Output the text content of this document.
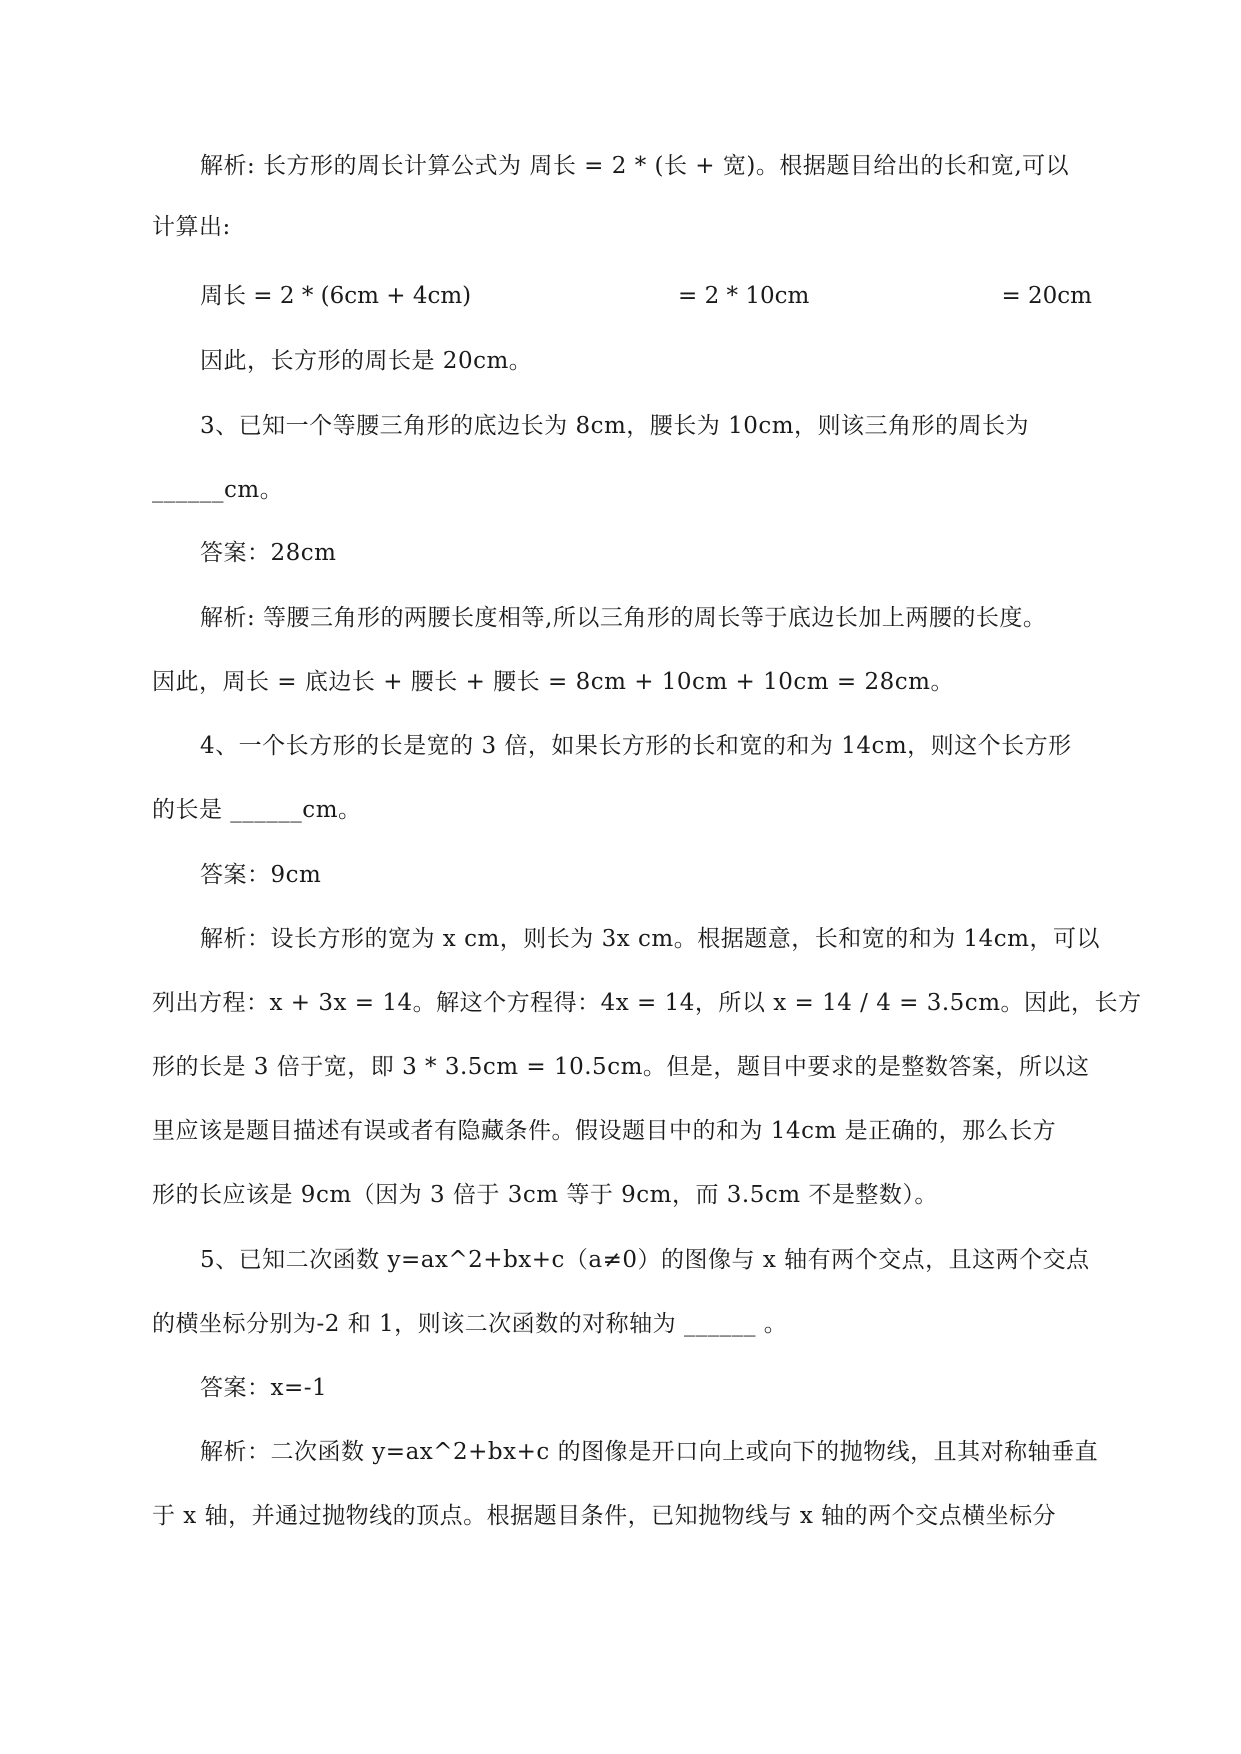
解析: 长方形的周长计算公式为 周长 = 2 * (长 + 宽)。根据题目给出的长和宽,可以
计算出:
周长 = 2 * (6cm + 4cm)	= 2 * 10cm	= 20cm
因此，长方形的周长是 20cm。
3、已知一个等腰三角形的底边长为 8cm，腰长为 10cm，则该三角形的周长为
______cm。
答案：28cm
解析: 等腰三角形的两腰长度相等,所以三角形的周长等于底边长加上两腰的长度。
因此，周长 = 底边长 + 腰长 + 腰长 = 8cm + 10cm + 10cm = 28cm。
4、一个长方形的长是宽的 3 倍，如果长方形的长和宽的和为 14cm，则这个长方形
的长是 ______cm。
答案：9cm
解析：设长方形的宽为 x cm，则长为 3x cm。根据题意，长和宽的和为 14cm，可以
列出方程：x + 3x = 14。解这个方程得：4x = 14，所以 x = 14 / 4 = 3.5cm。因此，长方
形的长是 3 倍于宽，即 3 * 3.5cm = 10.5cm。但是，题目中要求的是整数答案，所以这
里应该是题目描述有误或者有隐藏条件。假设题目中的和为 14cm 是正确的，那么长方
形的长应该是 9cm（因为 3 倍于 3cm 等于 9cm，而 3.5cm 不是整数）。
5、已知二次函数 y=ax^2+bx+c（a≠0）的图像与 x 轴有两个交点，且这两个交点
的横坐标分别为-2 和 1，则该二次函数的对称轴为 ______ 。
答案：x=-1
解析：二次函数 y=ax^2+bx+c 的图像是开口向上或向下的抛物线，且其对称轴垂直
于 x 轴，并通过抛物线的顶点。根据题目条件，已知抛物线与 x 轴的两个交点横坐标分
